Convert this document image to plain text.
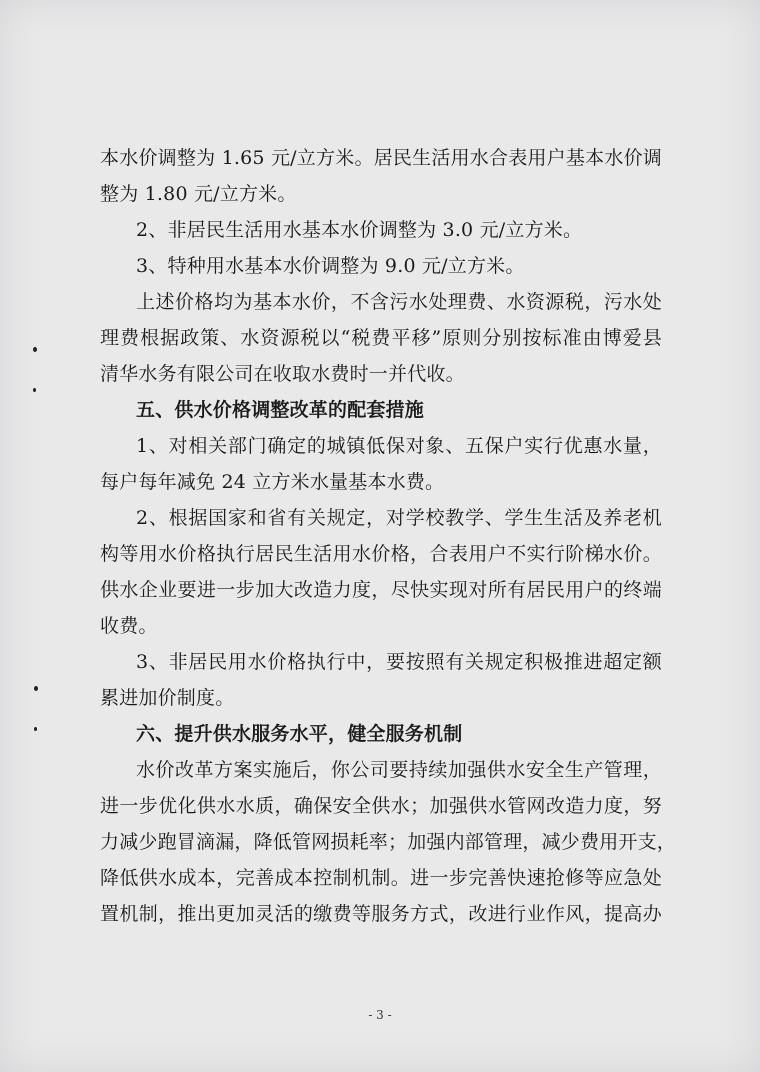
本水价调整为 1.65 元/立方米。居民生活用水合表用户基本水价调
整为 1.80 元/立方米。
2、非居民生活用水基本水价调整为 3.0 元/立方米。
3、特种用水基本水价调整为 9.0 元/立方米。
上述价格均为基本水价，不含污水处理费、水资源税，污水处
理费根据政策、水资源税以“税费平移”原则分别按标准由博爱县
清华水务有限公司在收取水费时一并代收。
五、供水价格调整改革的配套措施
1、对相关部门确定的城镇低保对象、五保户实行优惠水量，
每户每年减免 24 立方米水量基本水费。
2、根据国家和省有关规定，对学校教学、学生生活及养老机
构等用水价格执行居民生活用水价格，合表用户不实行阶梯水价。
供水企业要进一步加大改造力度，尽快实现对所有居民用户的终端
收费。
3、非居民用水价格执行中，要按照有关规定积极推进超定额
累进加价制度。
六、提升供水服务水平，健全服务机制
水价改革方案实施后，你公司要持续加强供水安全生产管理，
进一步优化供水水质，确保安全供水；加强供水管网改造力度，努
力减少跑冒滴漏，降低管网损耗率；加强内部管理，减少费用开支，
降低供水成本，完善成本控制机制。进一步完善快速抢修等应急处
置机制，推出更加灵活的缴费等服务方式，改进行业作风，提高办
- 3 -
